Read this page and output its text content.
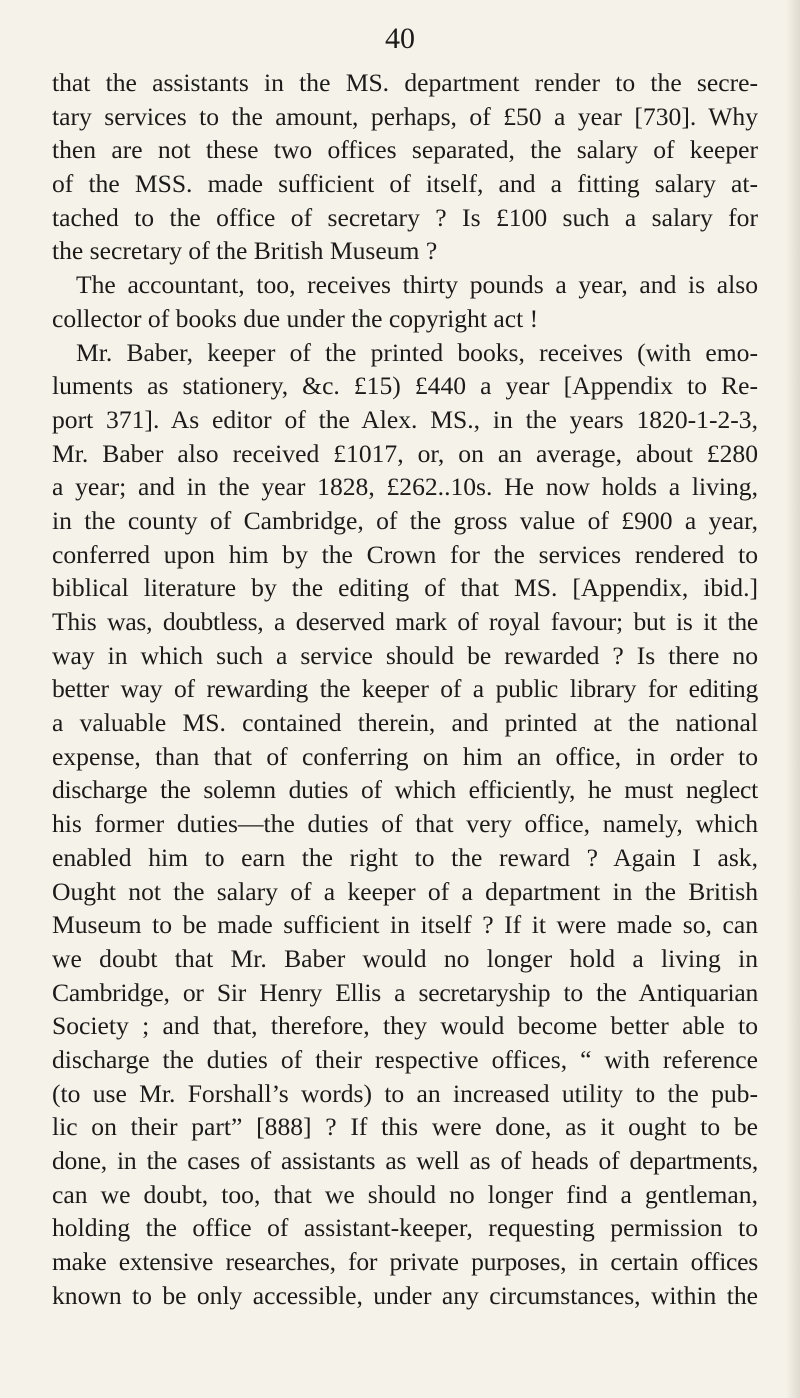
40
that the assistants in the MS. department render to the secre-
tary services to the amount, perhaps, of £50 a year [730]. Why
then are not these two offices separated, the salary of keeper
of the MSS. made sufficient of itself, and a fitting salary at-
tached to the office of secretary ? Is £100 such a salary for
the secretary of the British Museum ?
The accountant, too, receives thirty pounds a year, and is also
collector of books due under the copyright act !
Mr. Baber, keeper of the printed books, receives (with emo-
luments as stationery, &c. £15) £440 a year [Appendix to Re-
port 371]. As editor of the Alex. MS., in the years 1820-1-2-3,
Mr. Baber also received £1017, or, on an average, about £280
a year; and in the year 1828, £262..10s. He now holds a living,
in the county of Cambridge, of the gross value of £900 a year,
conferred upon him by the Crown for the services rendered to
biblical literature by the editing of that MS. [Appendix, ibid.]
This was, doubtless, a deserved mark of royal favour; but is it the
way in which such a service should be rewarded ? Is there no
better way of rewarding the keeper of a public library for editing
a valuable MS. contained therein, and printed at the national
expense, than that of conferring on him an office, in order to
discharge the solemn duties of which efficiently, he must neglect
his former duties—the duties of that very office, namely, which
enabled him to earn the right to the reward ? Again I ask,
Ought not the salary of a keeper of a department in the British
Museum to be made sufficient in itself ? If it were made so, can
we doubt that Mr. Baber would no longer hold a living in
Cambridge, or Sir Henry Ellis a secretaryship to the Antiquarian
Society ; and that, therefore, they would become better able to
discharge the duties of their respective offices, “ with reference
(to use Mr. Forshall’s words) to an increased utility to the pub-
lic on their part” [888] ? If this were done, as it ought to be
done, in the cases of assistants as well as of heads of departments,
can we doubt, too, that we should no longer find a gentleman,
holding the office of assistant-keeper, requesting permission to
make extensive researches, for private purposes, in certain offices
known to be only accessible, under any circumstances, within the
